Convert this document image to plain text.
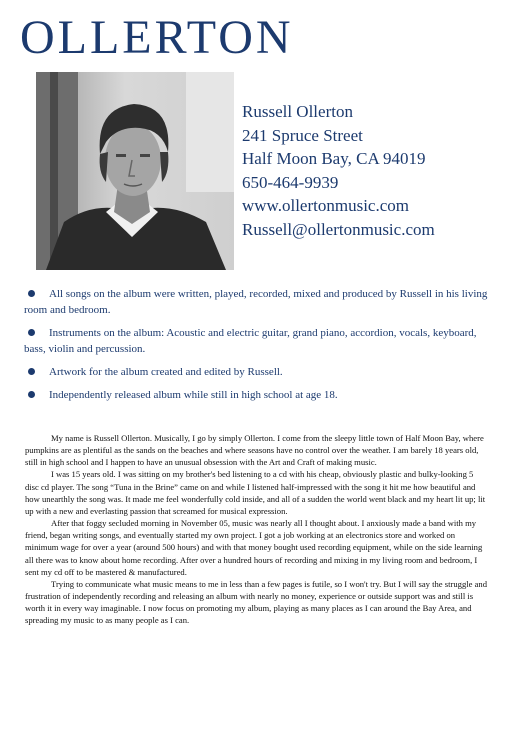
OLLERTON
Russell Ollerton
241 Spruce Street
Half Moon Bay, CA 94019
650-464-9939
www.ollertonmusic.com
Russell@ollertonmusic.com
All songs on the album were written, played, recorded, mixed and produced by Russell in his living room and bedroom.
Instruments on the album: Acoustic and electric guitar, grand piano, accordion, vocals, keyboard, bass, violin and percussion.
Artwork for the album created and edited by Russell.
Independently released album while still in high school at age 18.

My name is Russell Ollerton. Musically, I go by simply Ollerton. I come from the sleepy little town of Half Moon Bay, where pumpkins are as plentiful as the sands on the beaches and where seasons have no control over the weather. I am barely 18 years old, still in high school and I happen to have an unusual obsession with the Art and Craft of making music.

I was 15 years old. I was sitting on my brother's bed listening to a cd with his cheap, obviously plastic and bulky-looking 5 disc cd player. The song “Tuna in the Brine” came on and while I listened half-impressed with the song it hit me how beautiful and how unearthly the song was. It made me feel wonderfully cold inside, and all of a sudden the world went black and my heart lit up; lit up with a new and everlasting passion that screamed for musical expression.

After that foggy secluded morning in November 05, music was nearly all I thought about. I anxiously made a band with my friend, began writing songs, and eventually started my own project. I got a job working at an electronics store and worked on minimum wage for over a year (around 500 hours) and with that money bought used recording equipment, while on the side learning all there was to know about home recording. After over a hundred hours of recording and mixing in my living room and bedroom, I sent my cd off to be mastered & manufactured.

Trying to communicate what music means to me in less than a few pages is futile, so I won't try. But I will say the struggle and frustration of independently recording and releasing an album with nearly no money, experience or outside support was and still is worth it in every way imaginable. I now focus on promoting my album, playing as many places as I can around the Bay Area, and spreading my music to as many people as I can.
